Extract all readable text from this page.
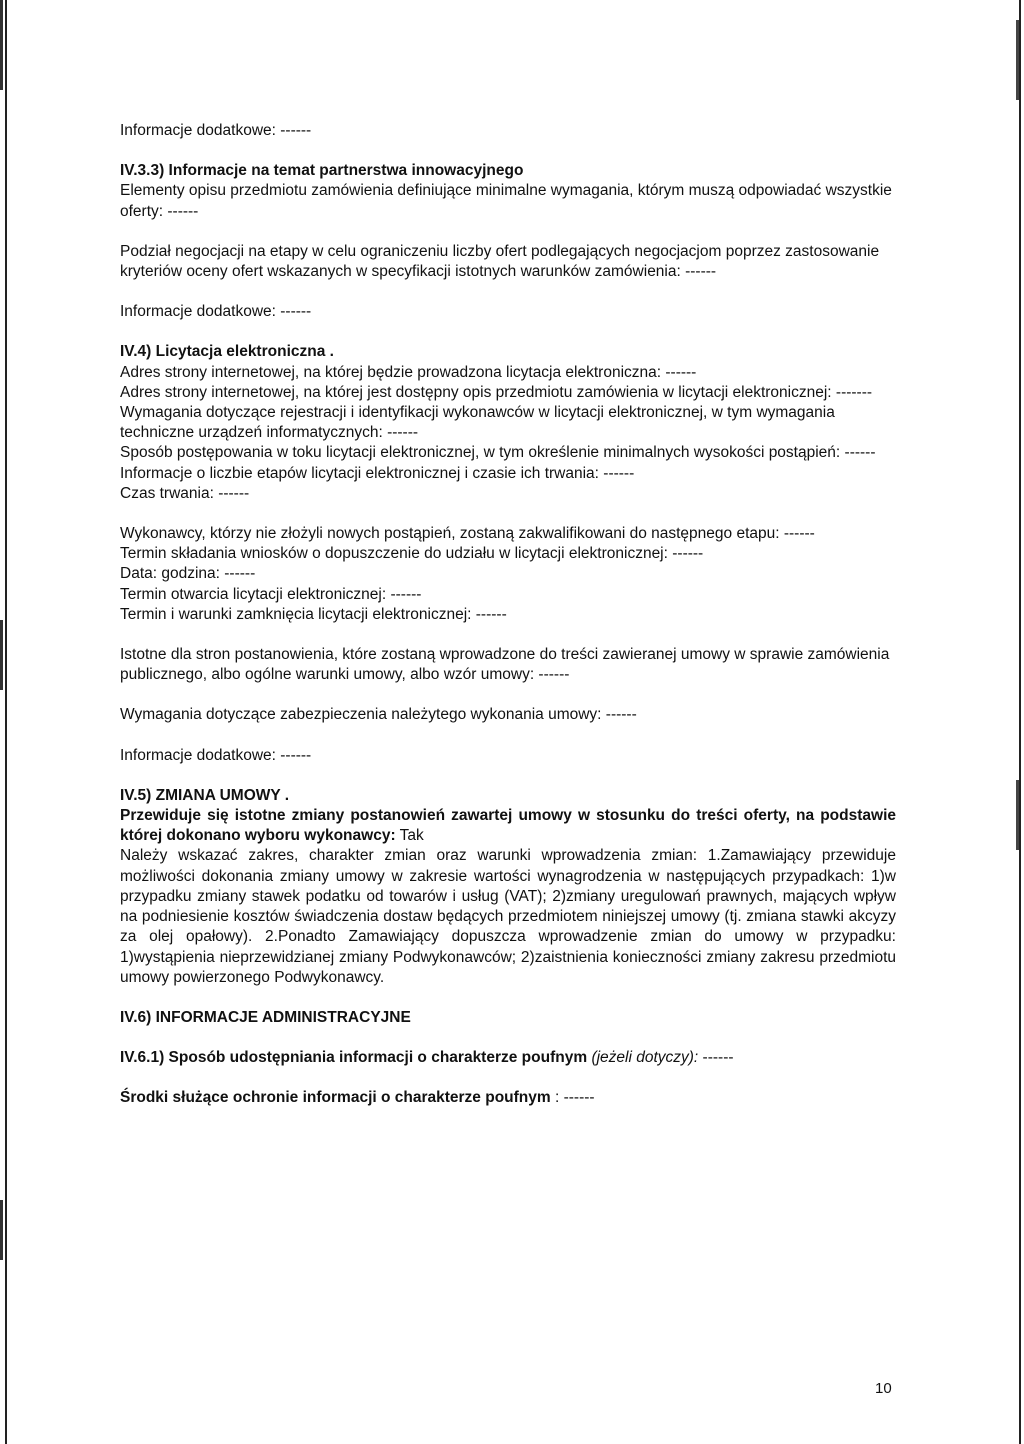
Informacje dodatkowe: ------

IV.3.3) Informacje na temat partnerstwa innowacyjnego

Elementy opisu przedmiotu zamówienia definiujące minimalne wymagania, którym muszą odpowiadać wszystkie oferty: ------

Podział negocjacji na etapy w celu ograniczeniu liczby ofert podlegających negocjacjom poprzez zastosowanie kryteriów oceny ofert wskazanych w specyfikacji istotnych warunków zamówienia: ------

Informacje dodatkowe: ------

IV.4) Licytacja elektroniczna .

Adres strony internetowej, na której będzie prowadzona licytacja elektroniczna: ------

Adres strony internetowej, na której jest dostępny opis przedmiotu zamówienia w licytacji elektronicznej: -------

Wymagania dotyczące rejestracji i identyfikacji wykonawców w licytacji elektronicznej, w tym wymagania techniczne urządzeń informatycznych: ------

Sposób postępowania w toku licytacji elektronicznej, w tym określenie minimalnych wysokości postąpień: ------

Informacje o liczbie etapów licytacji elektronicznej i czasie ich trwania: ------

Czas trwania: ------

Wykonawcy, którzy nie złożyli nowych postąpień, zostaną zakwalifikowani do następnego etapu: ------

Termin składania wniosków o dopuszczenie do udziału w licytacji elektronicznej: ------

Data: godzina: ------

Termin otwarcia licytacji elektronicznej: ------

Termin i warunki zamknięcia licytacji elektronicznej: ------

Istotne dla stron postanowienia, które zostaną wprowadzone do treści zawieranej umowy w sprawie zamówienia publicznego, albo ogólne warunki umowy, albo wzór umowy: ------

Wymagania dotyczące zabezpieczenia należytego wykonania umowy: ------

Informacje dodatkowe: ------

IV.5) ZMIANA UMOWY .

Przewiduje się istotne zmiany postanowień zawartej umowy w stosunku do treści oferty, na podstawie której dokonano wyboru wykonawcy: Tak

Należy wskazać zakres, charakter zmian oraz warunki wprowadzenia zmian: 1.Zamawiający przewiduje możliwości dokonania zmiany umowy w zakresie wartości wynagrodzenia w następujących przypadkach: 1)w przypadku zmiany stawek podatku od towarów i usług (VAT); 2)zmiany uregulowań prawnych, mających wpływ na podniesienie kosztów świadczenia dostaw będących przedmiotem niniejszej umowy (tj. zmiana stawki akcyzy za olej opałowy). 2.Ponadto Zamawiający dopuszcza wprowadzenie zmian do umowy w przypadku: 1)wystąpienia nieprzewidzianej zmiany Podwykonawców; 2)zaistnienia konieczności zmiany zakresu przedmiotu umowy powierzonego Podwykonawcy.

IV.6) INFORMACJE ADMINISTRACYJNE

IV.6.1) Sposób udostępniania informacji o charakterze poufnym (jeżeli dotyczy): ------

Środki służące ochronie informacji o charakterze poufnym : ------

10
